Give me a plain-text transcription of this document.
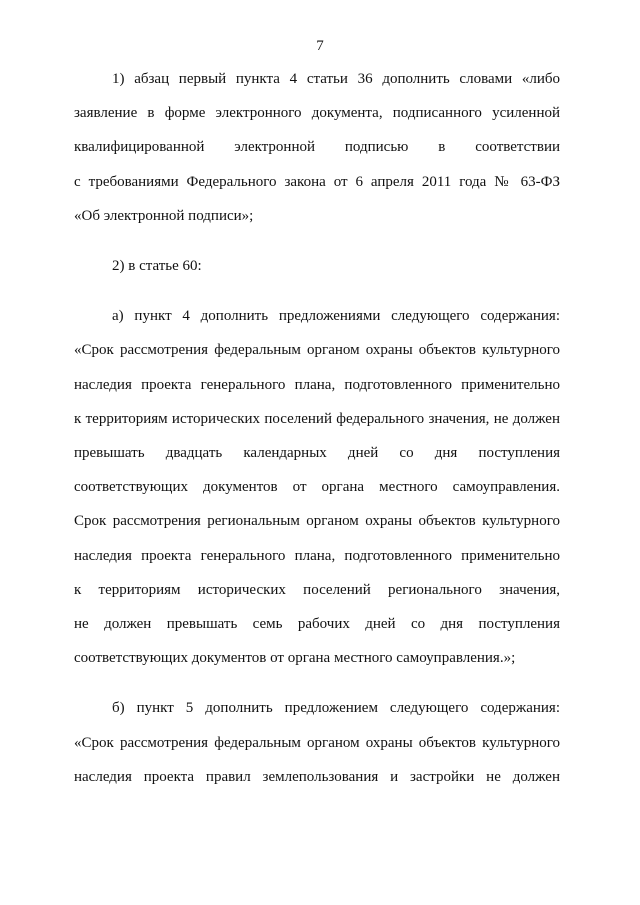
7

1) абзац первый пункта 4 статьи 36 дополнить словами «либо
заявление в форме электронного документа, подписанного усиленной
квалифицированной электронной подписью в соответствии
с требованиями Федерального закона от 6 апреля 2011 года № 63-ФЗ
«Об электронной подписи»;

2) в статье 60:

а) пункт 4 дополнить предложениями следующего содержания:
«Срок рассмотрения федеральным органом охраны объектов культурного
наследия проекта генерального плана, подготовленного применительно
к территориям исторических поселений федерального значения, не должен
превышать двадцать календарных дней со дня поступления
соответствующих документов от органа местного самоуправления.
Срок рассмотрения региональным органом охраны объектов культурного
наследия проекта генерального плана, подготовленного применительно
к территориям исторических поселений регионального значения,
не должен превышать семь рабочих дней со дня поступления
соответствующих документов от органа местного самоуправления.»;

б) пункт 5 дополнить предложением следующего содержания:
«Срок рассмотрения федеральным органом охраны объектов культурного
наследия проекта правил землепользования и застройки не должен
